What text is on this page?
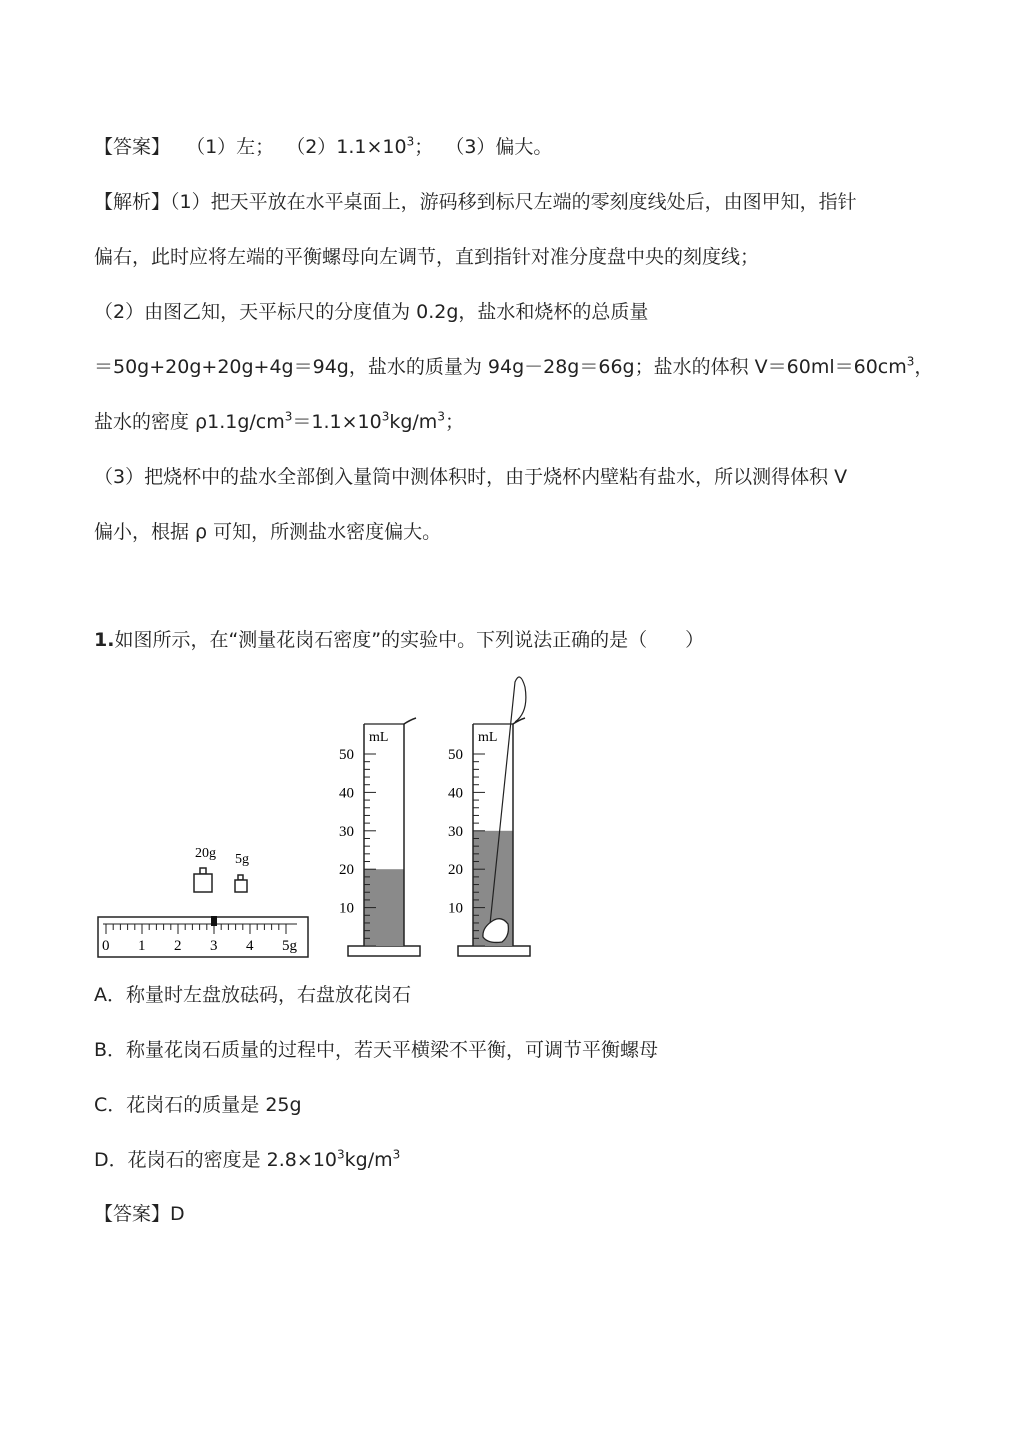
【答案】 （1）左； $(2)1.1\times 10^3$； （3）偏大。
【解析】（1）把天平放在水平桌面上，游码移到标尺左端的零刻度线处后，由图甲知，指针
偏右，此时应将左端的平衡螺母向左调节，直到指针对准分度盘中央的刻度线；
（2）由图乙知，天平标尺的分度值为 0.2g，盐水和烧杯的总质量
＝50g+20g+20g+4g＝94g，盐水的质量为 94g－28g＝66g；盐水的体积 $V=60ml=60cm^3$，
盐水的密度 $\rho 1.1g/cm^3=1.1\times 10^3kg/m^3$；
（3）把烧杯中的盐水全部倒入量筒中测体积时，由于烧杯内壁粘有盐水，所以测得体积 V
偏小，根据 ρ 可知，所测盐水密度偏大。
1.如图所示，在“测量花岗石密度”的实验中。下列说法正确的是（　　）
20g 5g
0 1 2 3 4 5g
mL
50
40
30
20
10
mL
50
40
30
20
10
A．称量时左盘放砝码，右盘放花岗石
B．称量花岗石质量的过程中，若天平横梁不平衡，可调节平衡螺母
C．花岗石的质量是 25g
D．花岗石的密度是 $2.8\times 10^3kg/m^3$
【答案】D
